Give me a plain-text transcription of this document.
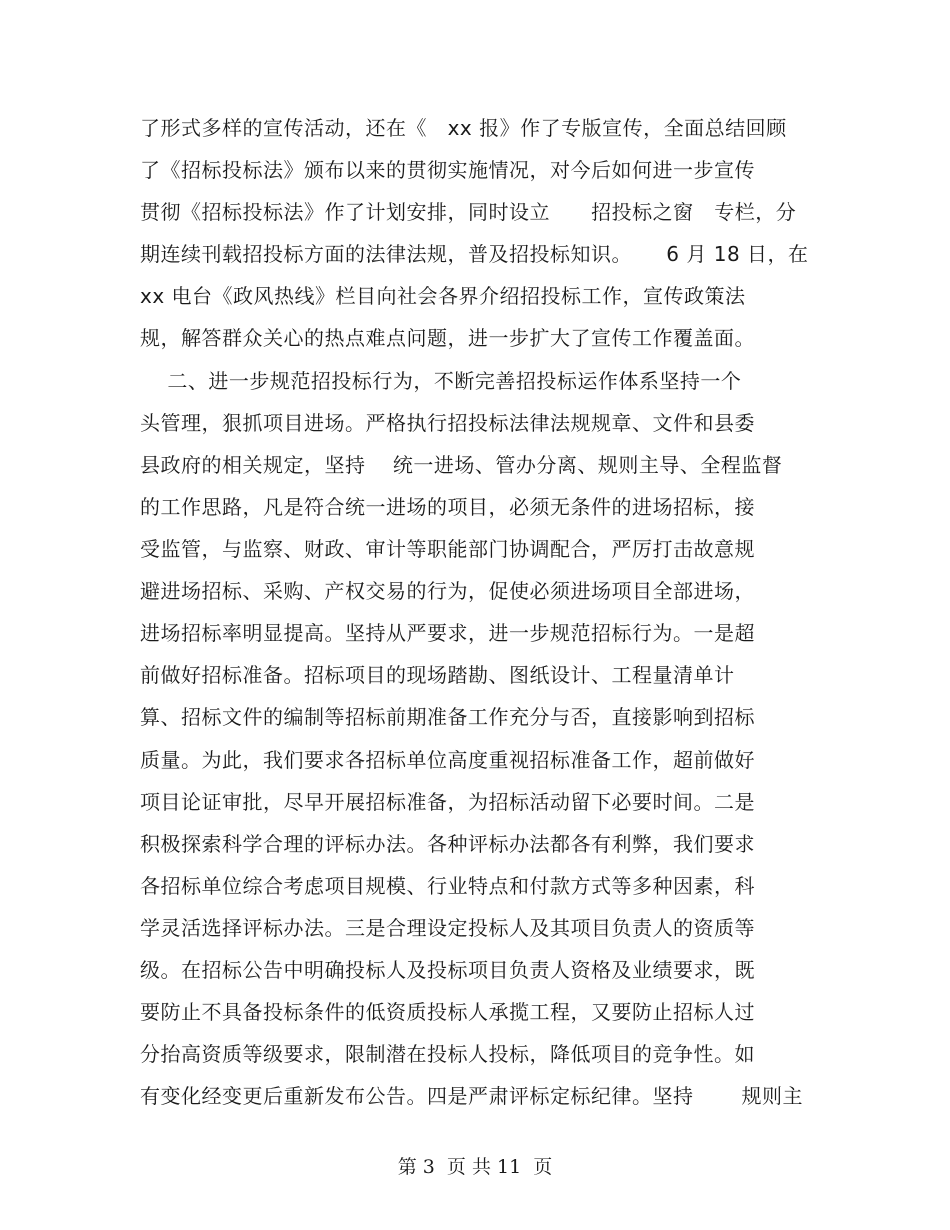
了形式多样的宣传活动，还在《   xx 报》作了专版宣传，全面总结回顾
了《招标投标法》颁布以来的贯彻实施情况，对今后如何进一步宣传
贯彻《招标投标法》作了计划安排，同时设立      招投标之窗   专栏，分
期连续刊载招投标方面的法律法规，普及招投标知识。     6 月 18 日，在
xx 电台《政风热线》栏目向社会各界介绍招投标工作，宣传政策法
规，解答群众关心的热点难点问题，进一步扩大了宣传工作覆盖面。
二、进一步规范招投标行为，不断完善招投标运作体系坚持一个
头管理，狠抓项目进场。严格执行招投标法律法规规章、文件和县委
县政府的相关规定，坚持    统一进场、管办分离、规则主导、全程监督
的工作思路，凡是符合统一进场的项目，必须无条件的进场招标，接
受监管，与监察、财政、审计等职能部门协调配合，严厉打击故意规
避进场招标、采购、产权交易的行为，促使必须进场项目全部进场，
进场招标率明显提高。坚持从严要求，进一步规范招标行为。一是超
前做好招标准备。招标项目的现场踏勘、图纸设计、工程量清单计
算、招标文件的编制等招标前期准备工作充分与否，直接影响到招标
质量。为此，我们要求各招标单位高度重视招标准备工作，超前做好
项目论证审批，尽早开展招标准备，为招标活动留下必要时间。二是
积极探索科学合理的评标办法。各种评标办法都各有利弊，我们要求
各招标单位综合考虑项目规模、行业特点和付款方式等多种因素，科
学灵活选择评标办法。三是合理设定投标人及其项目负责人的资质等
级。在招标公告中明确投标人及投标项目负责人资格及业绩要求，既
要防止不具备投标条件的低资质投标人承揽工程，又要防止招标人过
分抬高资质等级要求，限制潜在投标人投标，降低项目的竞争性。如
有变化经变更后重新发布公告。四是严肃评标定标纪律。坚持       规则主
第 3  页 共 11  页
